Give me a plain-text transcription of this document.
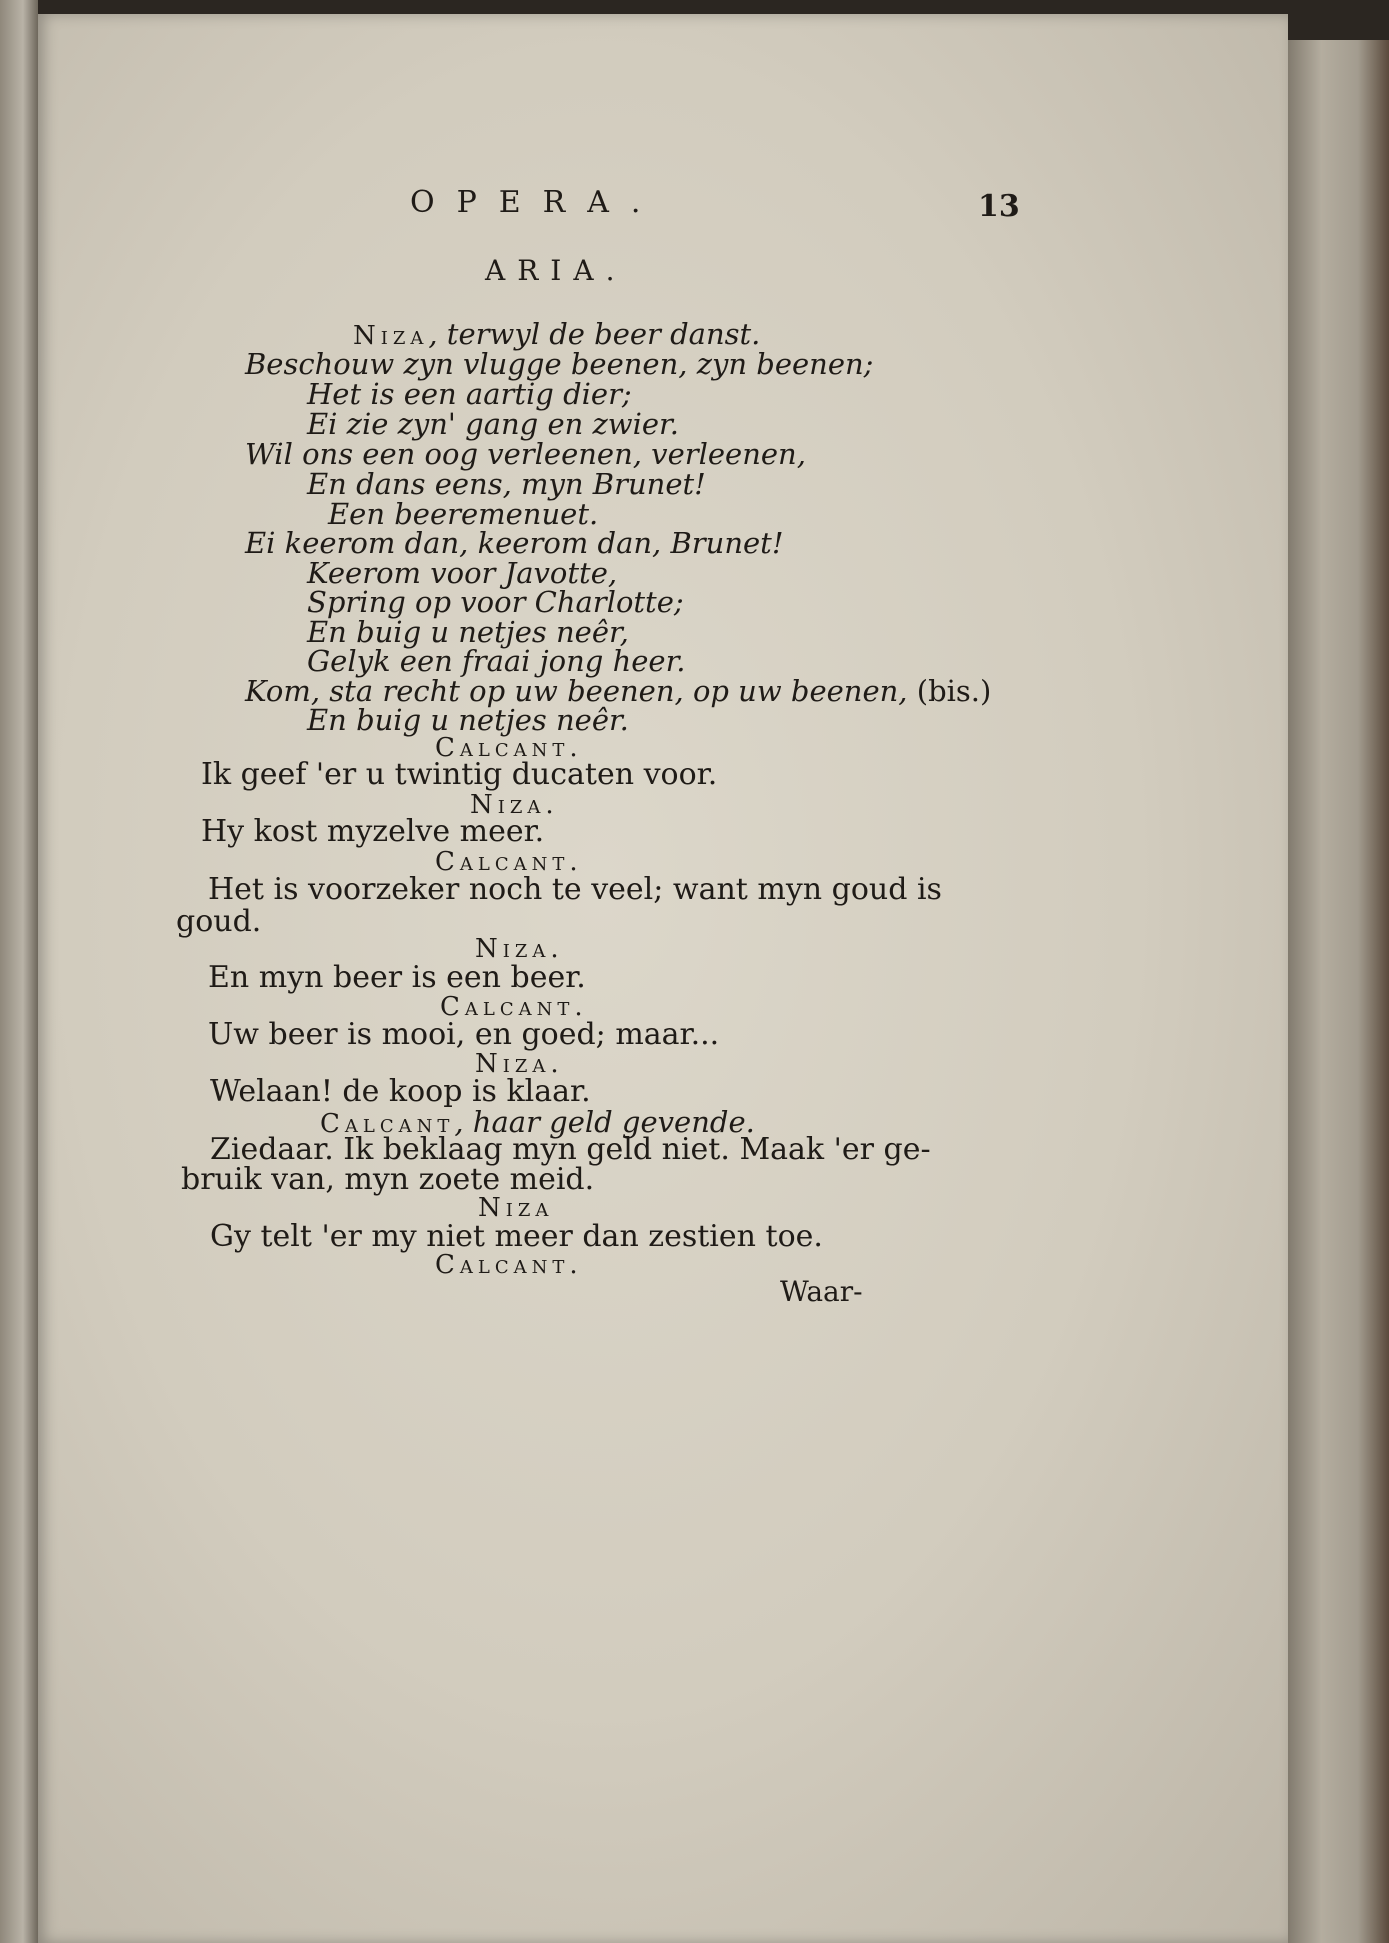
OPERA.	13
ARIA.
Niza, terwyl de beer danst.
Beschouw zyn vlugge beenen, zyn beenen;
Het is een aartig dier;
Ei zie zyn' gang en zwier.
Wil ons een oog verleenen, verleenen,
En dans eens, myn Brunet!
Een beeremenuet.
Ei keerom dan, keerom dan, Brunet!
Keerom voor Javotte,
Spring op voor Charlotte;
En buig u netjes neêr,
Gelyk een fraai jong heer.
Kom, sta recht op uw beenen, op uw beenen, (bis.)
En buig u netjes neêr.
Calcant.
Ik geef 'er u twintig ducaten voor.
Niza.
Hy kost myzelve meer.
Calcant.
Het is voorzeker noch te veel; want myn goud is
goud.
Niza.
En myn beer is een beer.
Calcant.
Uw beer is mooi, en goed; maar...
Niza.
Welaan! de koop is klaar.
Calcant, haar geld gevende.
Ziedaar. Ik beklaag myn geld niet. Maak 'er ge-
bruik van, myn zoete meid.
Niza
Gy telt 'er my niet meer dan zestien toe.
Calcant.
Waar-
